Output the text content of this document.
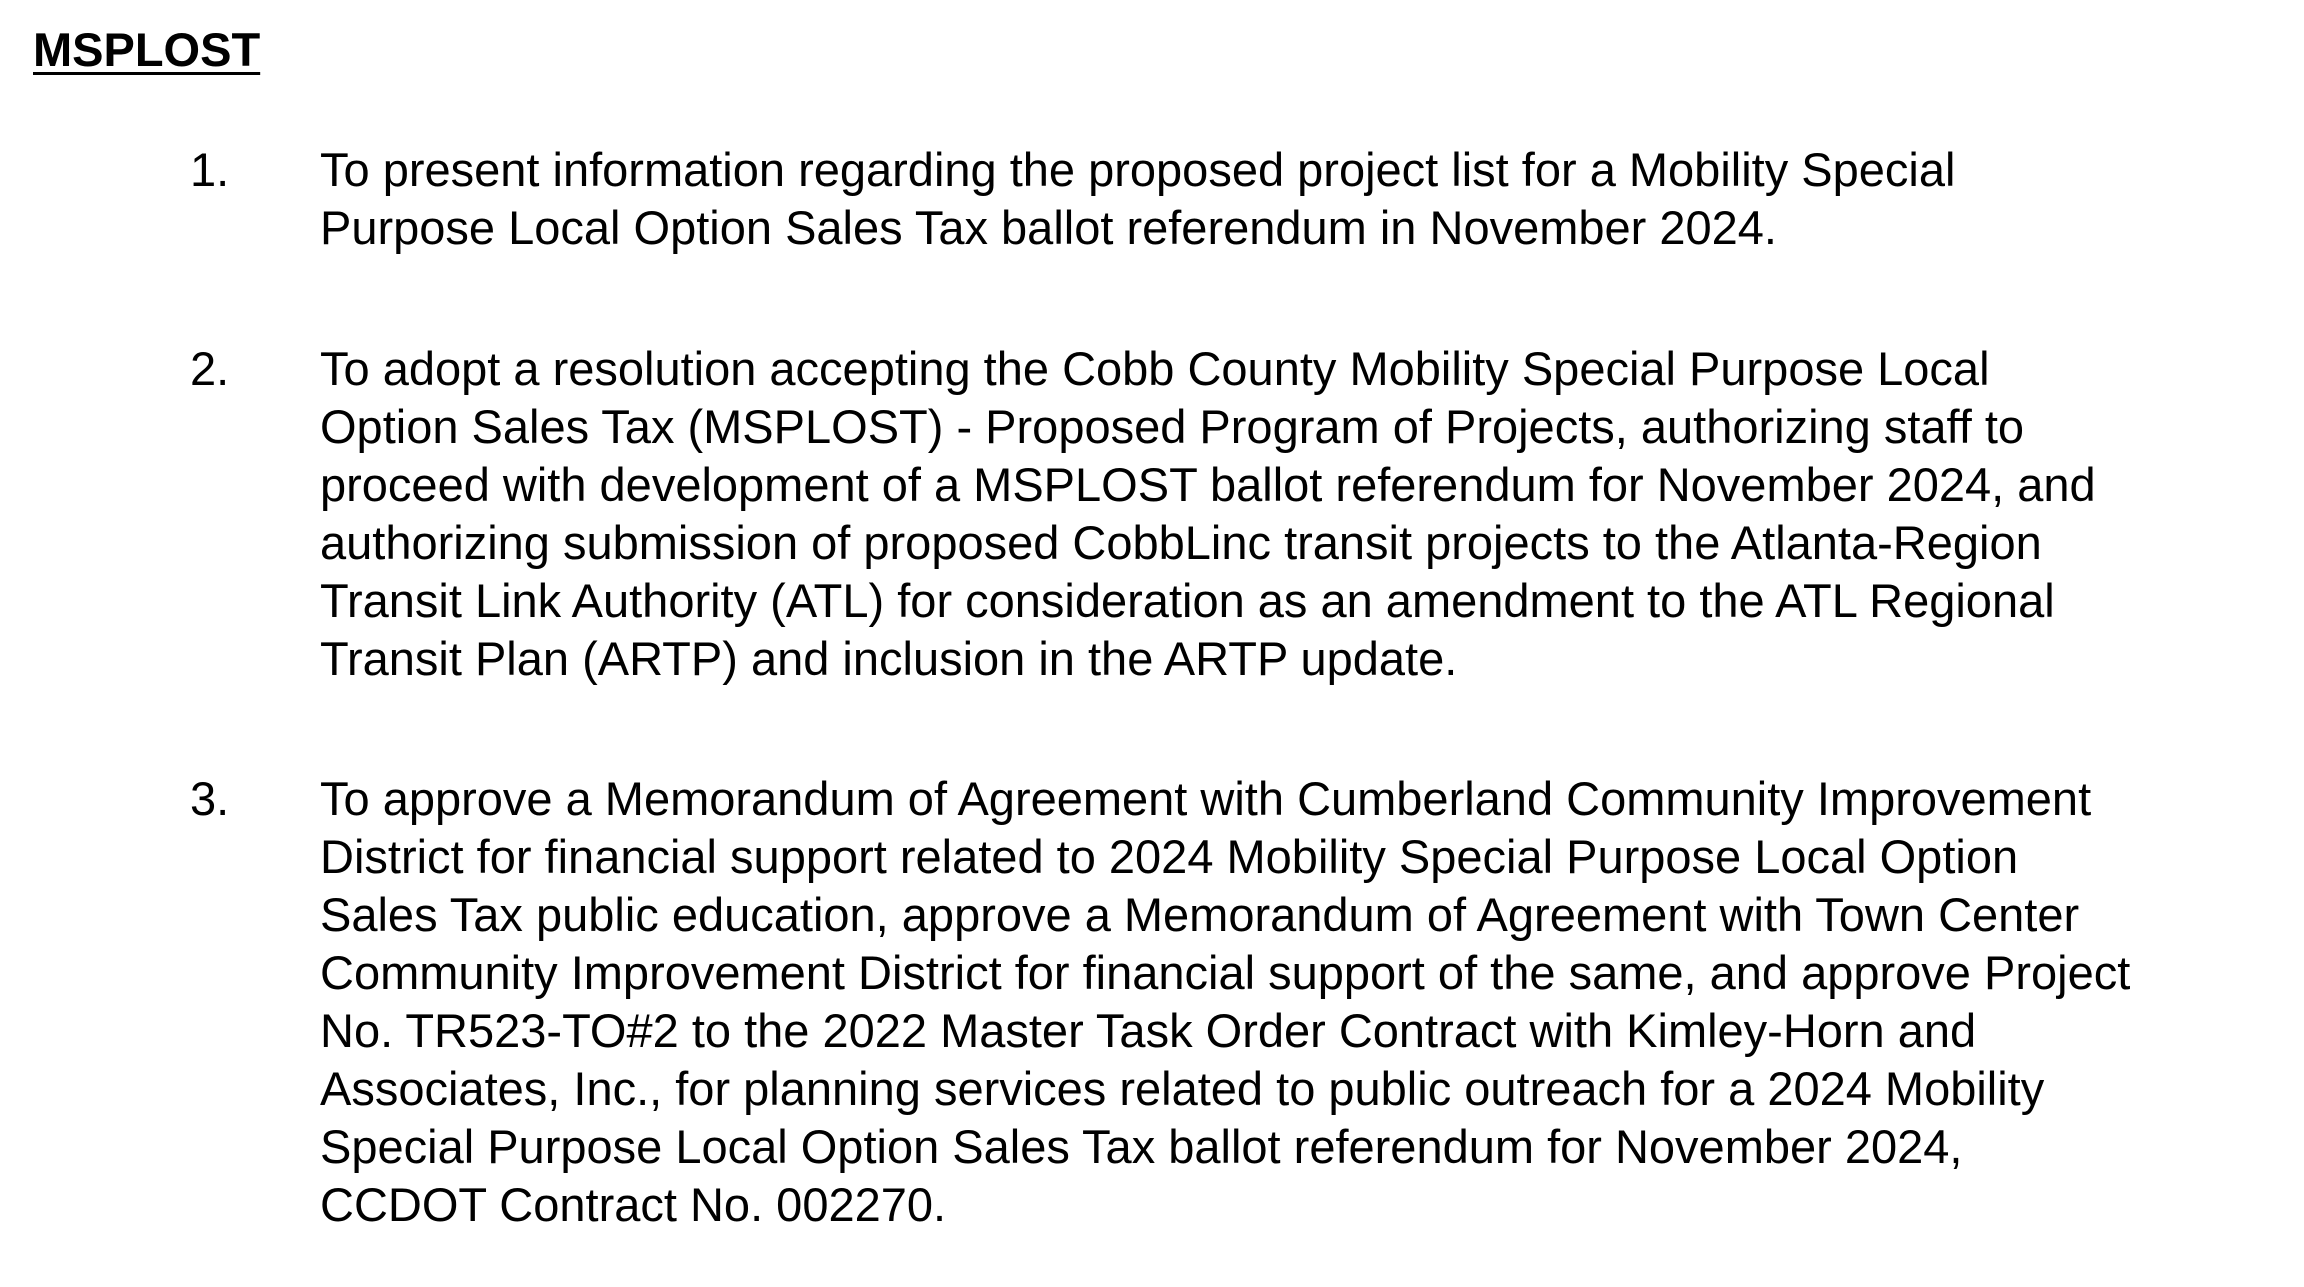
MSPLOST
1. To present information regarding the proposed project list for a Mobility Special
Purpose Local Option Sales Tax ballot referendum in November 2024.

2. To adopt a resolution accepting the Cobb County Mobility Special Purpose Local
Option Sales Tax (MSPLOST) - Proposed Program of Projects, authorizing staff to
proceed with development of a MSPLOST ballot referendum for November 2024, and
authorizing submission of proposed CobbLinc transit projects to the Atlanta-Region
Transit Link Authority (ATL) for consideration as an amendment to the ATL Regional
Transit Plan (ARTP) and inclusion in the ARTP update.

3. To approve a Memorandum of Agreement with Cumberland Community Improvement
District for financial support related to 2024 Mobility Special Purpose Local Option
Sales Tax public education, approve a Memorandum of Agreement with Town Center
Community Improvement District for financial support of the same, and approve Project
No. TR523-TO#2 to the 2022 Master Task Order Contract with Kimley-Horn and
Associates, Inc., for planning services related to public outreach for a 2024 Mobility
Special Purpose Local Option Sales Tax ballot referendum for November 2024,
CCDOT Contract No. 002270.
